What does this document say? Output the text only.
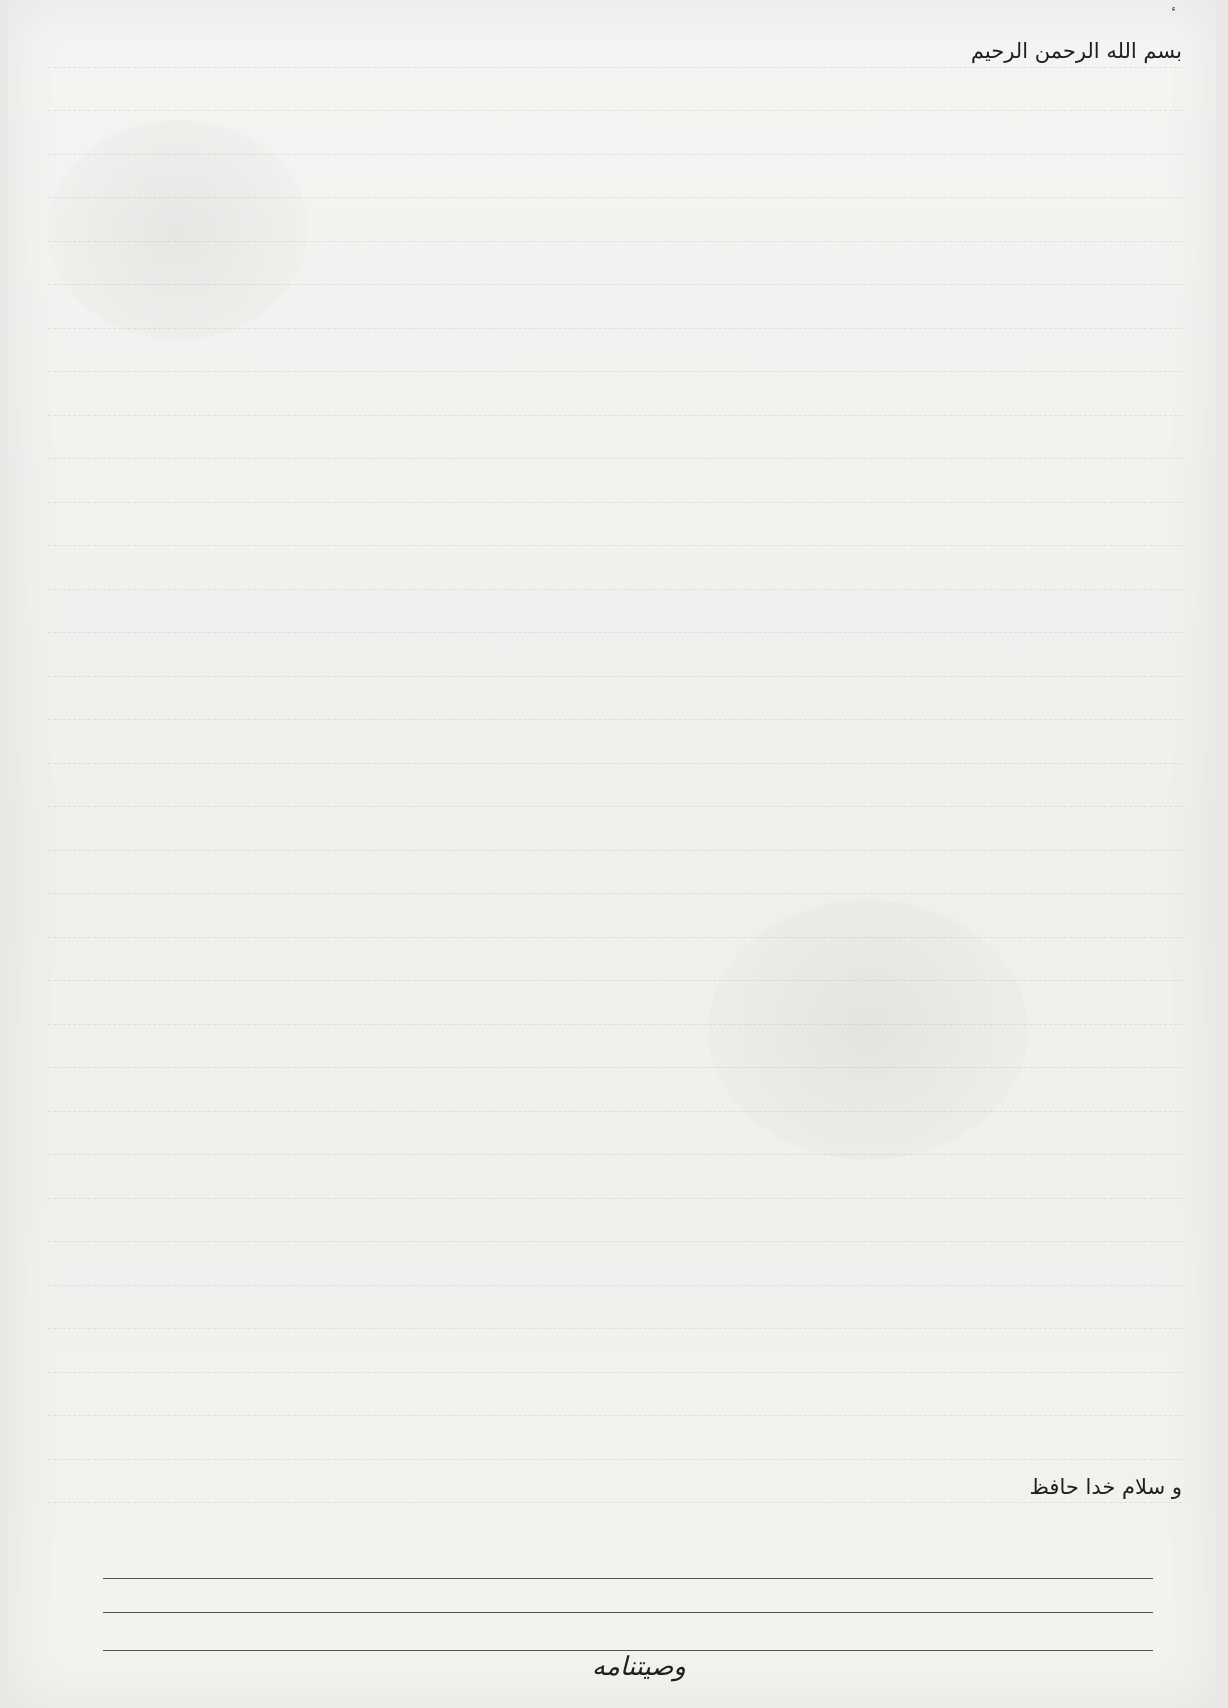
ٴ
بسم الله الرحمن الرحیم
و سلام خدا حافظ
وصیتنامه
